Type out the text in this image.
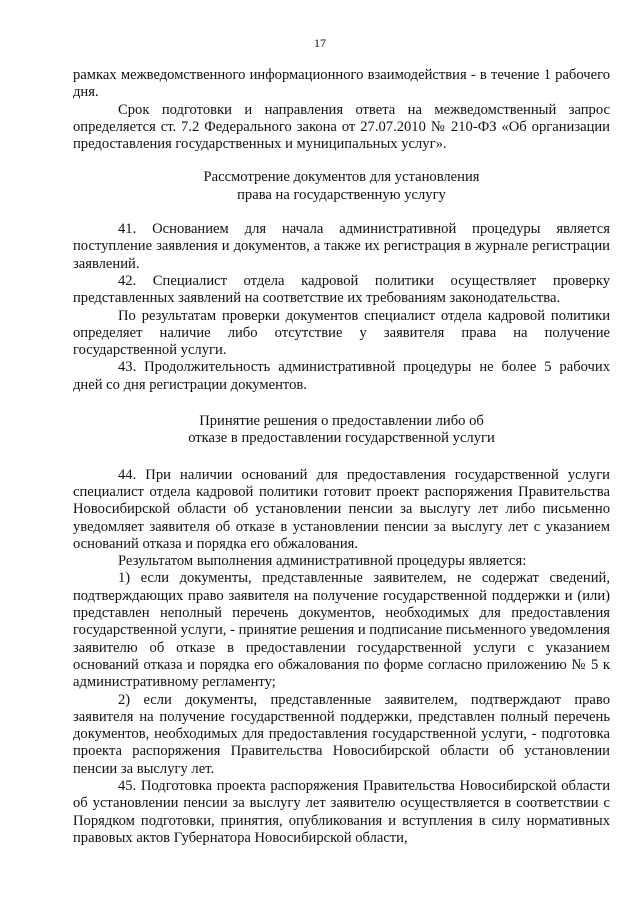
17

рамках межведомственного информационного взаимодействия - в течение 1 рабочего дня.

Срок подготовки и направления ответа на межведомственный запрос определяется ст. 7.2 Федерального закона от 27.07.2010 № 210-ФЗ «Об организации предоставления государственных и муниципальных услуг».

Рассмотрение документов для установления
права на государственную услугу

41. Основанием для начала административной процедуры является поступление заявления и документов, а также их регистрация в журнале регистрации заявлений.

42. Специалист отдела кадровой политики осуществляет проверку представленных заявлений на соответствие их требованиям законодательства.

По результатам проверки документов специалист отдела кадровой политики определяет наличие либо отсутствие у заявителя права на получение государственной услуги.

43. Продолжительность административной процедуры не более 5 рабочих дней со дня регистрации документов.

Принятие решения о предоставлении либо об
отказе в предоставлении государственной услуги

44. При наличии оснований для предоставления государственной услуги специалист отдела кадровой политики готовит проект распоряжения Правительства Новосибирской области об установлении пенсии за выслугу лет либо письменно уведомляет заявителя об отказе в установлении пенсии за выслугу лет с указанием оснований отказа и порядка его обжалования.

Результатом выполнения административной процедуры является:

1) если документы, представленные заявителем, не содержат сведений, подтверждающих право заявителя на получение государственной поддержки и (или) представлен неполный перечень документов, необходимых для предоставления государственной услуги, - принятие решения и подписание письменного уведомления заявителю об отказе в предоставлении государственной услуги с указанием оснований отказа и порядка его обжалования по форме согласно приложению № 5 к административному регламенту;

2) если документы, представленные заявителем, подтверждают право заявителя на получение государственной поддержки, представлен полный перечень документов, необходимых для предоставления государственной услуги, - подготовка проекта распоряжения Правительства Новосибирской области об установлении пенсии за выслугу лет.

45. Подготовка проекта распоряжения Правительства Новосибирской области об установлении пенсии за выслугу лет заявителю осуществляется в соответствии с Порядком подготовки, принятия, опубликования и вступления в силу нормативных правовых актов Губернатора Новосибирской области,
